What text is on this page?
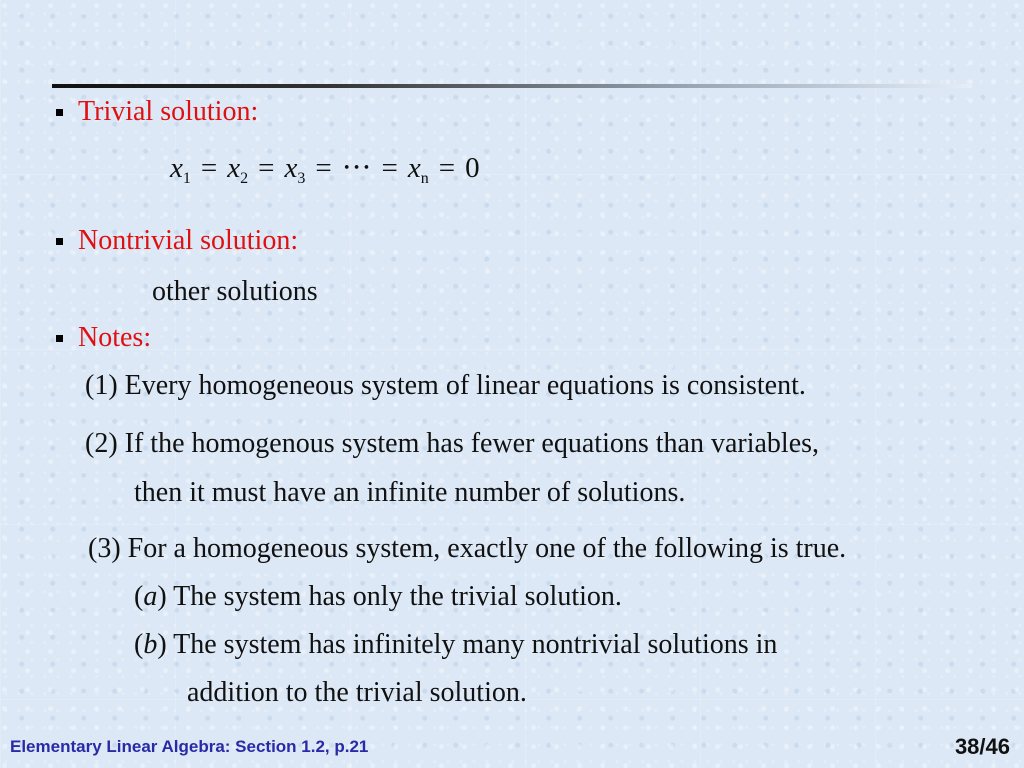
Trivial solution:
$x_1 = x_2 = x_3$ = ⋅⋅⋅ = $x_n = 0$
Nontrivial solution:
other solutions
Notes:
(1) Every homogeneous system of linear equations is consistent.
(2) If the homogenous system has fewer equations than variables,
then it must have an infinite number of solutions.
(3) For a homogeneous system, exactly one of the following is true.
(a) The system has only the trivial solution.
(b) The system has infinitely many nontrivial solutions in
addition to the trivial solution.
Elementary Linear Algebra: Section 1.2, p.21	38/46
